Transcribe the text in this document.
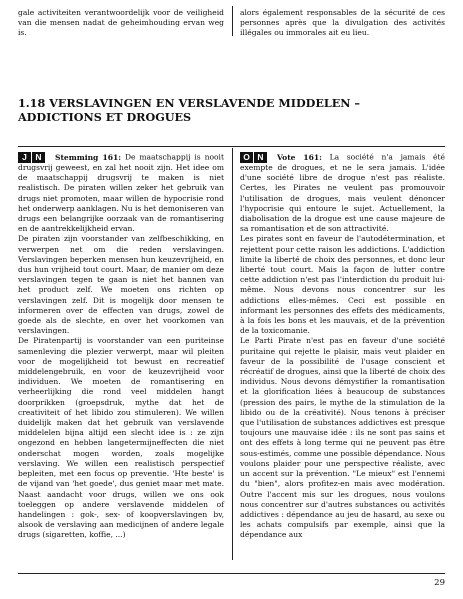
gale activiteiten verantwoordelijk voor de veiligheid van die mensen nadat de geheimhouding ervan weg is.
alors également responsables de la sécurité de ces personnes après que la divulgation des activités illégales ou immorales ait eu lieu.
1.18 VERSLAVINGEN EN VERSLAVENDE MIDDELEN – ADDICTIONS ET DROGUES

J N Stemming 161: De maatschappij is nooit drugsvrij geweest, en zal het nooit zijn. Het idee om de maatschappij drugsvrij te maken is niet realistisch. De piraten willen zeker het gebruik van drugs niet promoten, maar willen de hypocrisie rond het onderwerp aanklagen. Nu is het demoniseren van drugs een belangrijke oorzaak van de romantisering en de aantrekkelijkheid ervan.

De piraten zijn voorstander van zelfbeschikking, en verwerpen net om die reden verslavingen. Verslavingen beperken mensen hun keuzevrijheid, en dus hun vrijheid tout court. Maar, de manier om deze verslavingen tegen te gaan is niet het bannen van het product zelf. We moeten ons richten op verslavingen zelf. Dit is mogelijk door mensen te informeren over de effecten van drugs, zowel de goede als de slechte, en over het voorkomen van verslavingen.

De Piratenpartij is voorstander van een puriteinse samenleving die plezier verwerpt, maar wil pleiten voor de mogelijkheid tot bewust en recreatief middelengebruik, en voor de keuzevrijheid voor individuen. We moeten de romantisering en verheerlijking die rond veel middelen hangt doorprikken (groepsdruk, mythe dat het de creativiteit of het libido zou stimuleren). We willen duidelijk maken dat het gebruik van verslavende middelelen bijna altijd een slecht idee is : ze zijn ongezond en hebben langetermijneffecten die niet onderschat mogen worden, zoals mogelijke verslaving. We willen een realistisch perspectief bepleiten, met een focus op preventie. 'Hte beste' is de vijand van 'het goede', dus geniet maar met mate. Naast aandacht voor drugs, willen we ons ook toeleggen op andere verslavende middelen of handelingen : gok-, sex- of koopverslavingen bv, alsook de verslaving aan medicijnen of andere legale drugs (sigaretten, koffie, ...)

O N Vote 161: La société n'a jamais été exempte de drogues, et ne le sera jamais. L'idée d'une société libre de drogue n'est pas réaliste. Certes, les Pirates ne veulent pas promouvoir l'utilisation de drogues, mais veulent dénoncer l'hypocrisie qui entoure le sujet. Actuellement, la diabolisation de la drogue est une cause majeure de sa romantisation et de son attractivité.

Les pirates sont en faveur de l'autodétermination, et rejettent pour cette raison les addictions. L'addiction limite la liberté de choix des personnes, et donc leur liberté tout court. Mais la façon de lutter contre cette addiction n'est pas l'interdiction du produit lui-même. Nous devons nous concentrer sur les addictions elles-mêmes. Ceci est possible en informant les personnes des effets des médicaments, à la fois les bons et les mauvais, et de la prévention de la toxicomanie.

Le Parti Pirate n'est pas en faveur d'une société puritaine qui rejette le plaisir, mais veut plaider en faveur de la possibilité de l'usage conscient et récréatif de drogues, ainsi que la liberté de choix des individus. Nous devons démystifier la romantisation et la glorification liées à beaucoup de substances (pression des pairs, le mythe de la stimulation de la libido ou de la créativité). Nous tenons à préciser que l'utilisation de substances addictives est presque toujours une mauvaise idée : ils ne sont pas sains et ont des effets à long terme qui ne peuvent pas être sous-estimés, comme une possible dépendance. Nous voulons plaider pour une perspective réaliste, avec un accent sur la prévention. "Le mieux" est l'ennemi du "bien", alors profitez-en mais avec modération. Outre l'accent mis sur les drogues, nous voulons nous concentrer sur d'autres substances ou activités addictives : dépendance au jeu de hasard, au sexe ou les achats compulsifs par exemple, ainsi que la dépendance aux

29
